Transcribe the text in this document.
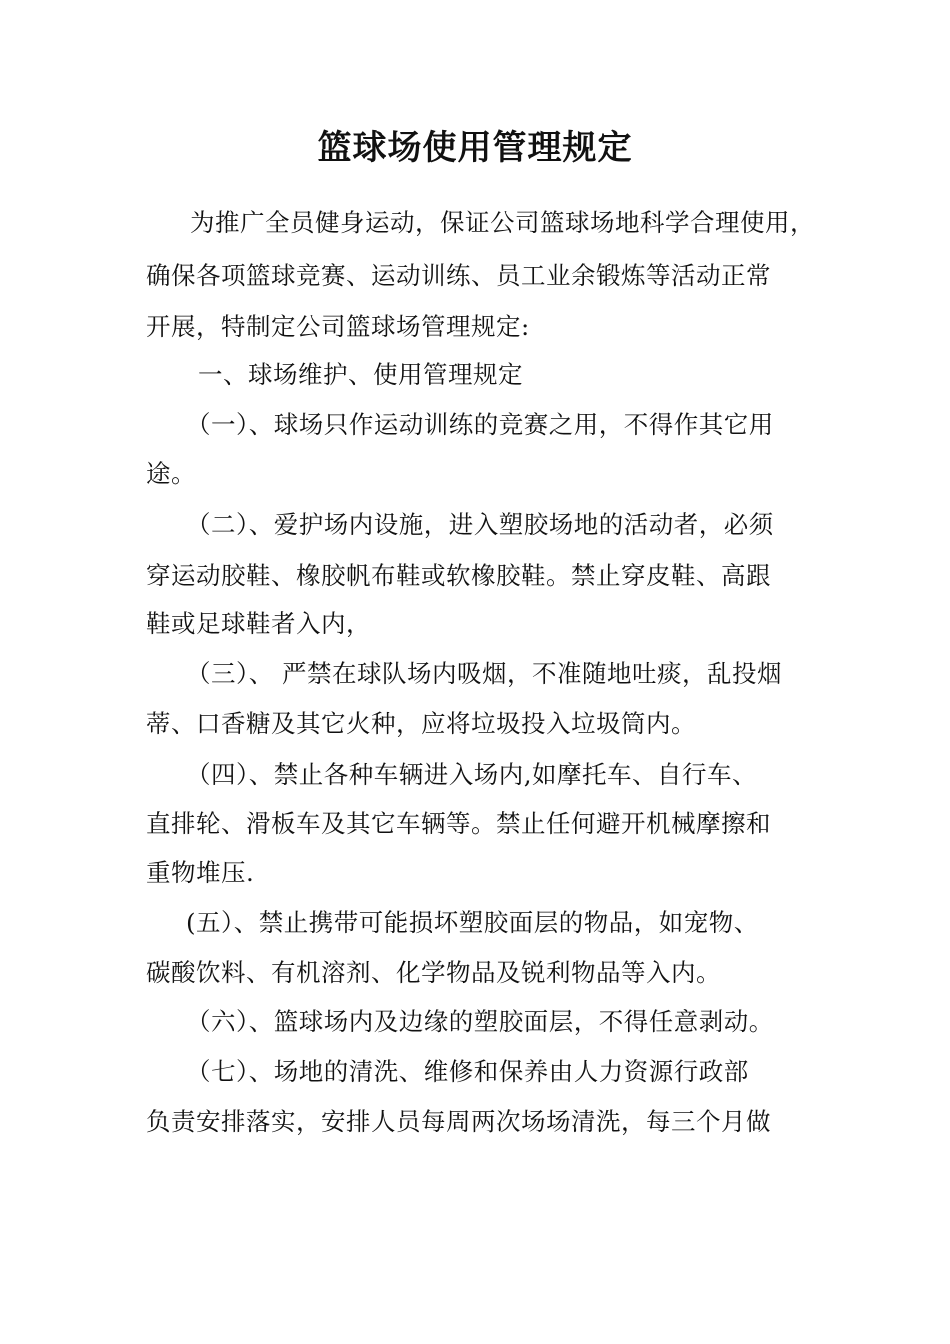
篮球场使用管理规定
为推广全员健身运动，保证公司篮球场地科学合理使用，
确保各项篮球竞赛、运动训练、员工业余锻炼等活动正常
开展，特制定公司篮球场管理规定:
一、球场维护、使用管理规定
（一）、球场只作运动训练的竞赛之用，不得作其它用
途。
（二）、爱护场内设施，进入塑胶场地的活动者，必须
穿运动胶鞋、橡胶帆布鞋或软橡胶鞋。禁止穿皮鞋、高跟
鞋或足球鞋者入内，
（三）、 严禁在球队场内吸烟，不准随地吐痰，乱投烟
蒂、口香糖及其它火种，应将垃圾投入垃圾筒内。
（四）、禁止各种车辆进入场内,如摩托车、自行车、
直排轮、滑板车及其它车辆等。禁止任何避开机械摩擦和
重物堆压.
(五）、禁止携带可能损坏塑胶面层的物品，如宠物、
碳酸饮料、有机溶剂、化学物品及锐利物品等入内。
（六）、篮球场内及边缘的塑胶面层，不得任意剥动。
（七）、场地的清洗、维修和保养由人力资源行政部
负责安排落实，安排人员每周两次场场清洗，每三个月做
